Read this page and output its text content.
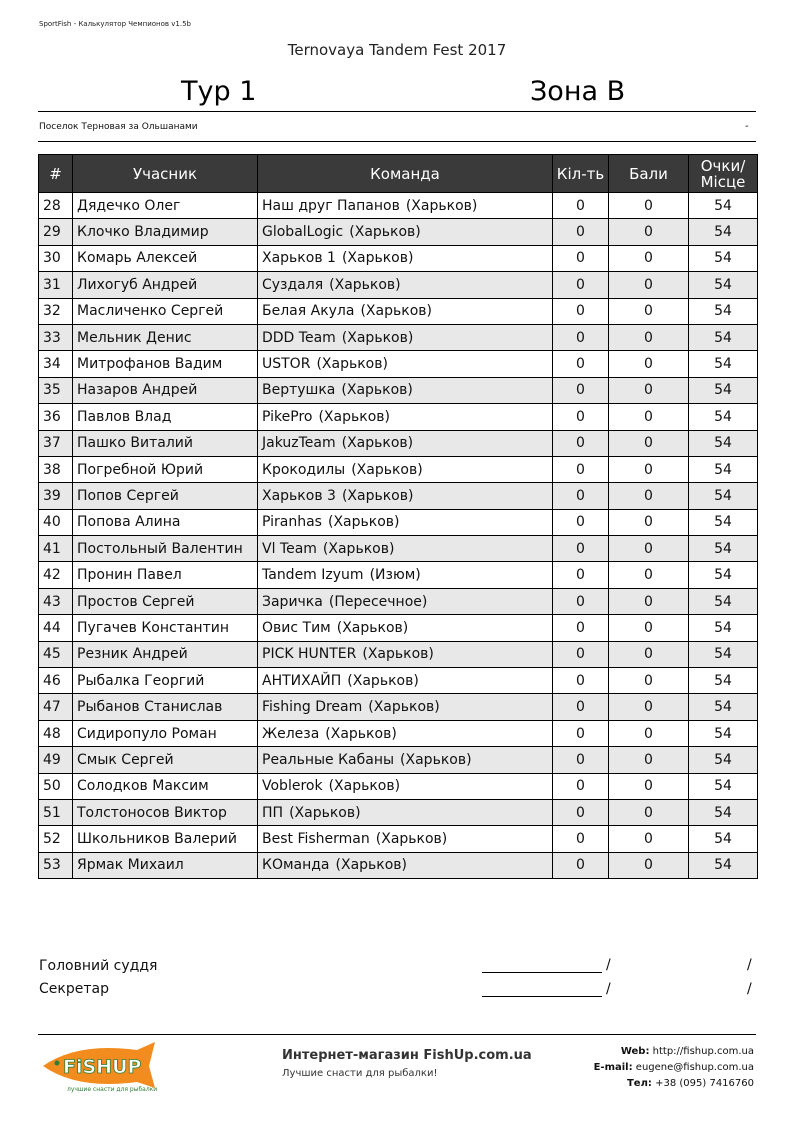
SportFish - Калькулятор Чемпионов v1.5b
Ternovaya Tandem Fest 2017
Тур 1	Зона В
Поселок Терновая за Ольшанами	-
#	Учасник	Команда	Кіл-ть	Бали	Очки/
Місце
28	Дядечко Олег	Наш друг Папанов (Харьков)	0	0	54
29	Клочко Владимир	GlobalLogic (Харьков)	0	0	54
30	Комарь Алексей	Харьков 1 (Харьков)	0	0	54
31	Лихогуб Андрей	Суздаля (Харьков)	0	0	54
32	Масличенко Сергей	Белая Акула (Харьков)	0	0	54
33	Мельник Денис	DDD Team (Харьков)	0	0	54
34	Митрофанов Вадим	USTOR (Харьков)	0	0	54
35	Назаров Андрей	Вертушка (Харьков)	0	0	54
36	Павлов Влад	PikePro (Харьков)	0	0	54
37	Пашко Виталий	JakuzTeam (Харьков)	0	0	54
38	Погребной Юрий	Крокодилы (Харьков)	0	0	54
39	Попов Сергей	Харьков 3 (Харьков)	0	0	54
40	Попова Алина	Piranhas (Харьков)	0	0	54
41	Постольный Валентин	Vl Team (Харьков)	0	0	54
42	Пронин Павел	Tandem Izyum (Изюм)	0	0	54
43	Простов Сергей	Заричка (Пересечное)	0	0	54
44	Пугачев Константин	Овис Тим (Харьков)	0	0	54
45	Резник Андрей	PICK HUNTER (Харьков)	0	0	54
46	Рыбалка Георгий	АНТИХАЙП (Харьков)	0	0	54
47	Рыбанов Станислав	Fishing Dream (Харьков)	0	0	54
48	Сидиропуло Роман	Железа (Харьков)	0	0	54
49	Смык Сергей	Реальные Кабаны (Харьков)	0	0	54
50	Солодков Максим	Voblerok (Харьков)	0	0	54
51	Толстоносов Виктор	ПП (Харьков)	0	0	54
52	Школьников Валерий	Best Fisherman (Харьков)	0	0	54
53	Ярмак Михаил	КОманда (Харьков)	0	0	54
Головний суддя	/	/
Секретар	/	/
FiSHUP
лучшие снасти для рыбалки
Интернет-магазин FishUp.com.ua
Лучшие снасти для рыбалки!
Web: http://fishup.com.ua
E-mail: eugene@fishup.com.ua
Тел: +38 (095) 7416760
